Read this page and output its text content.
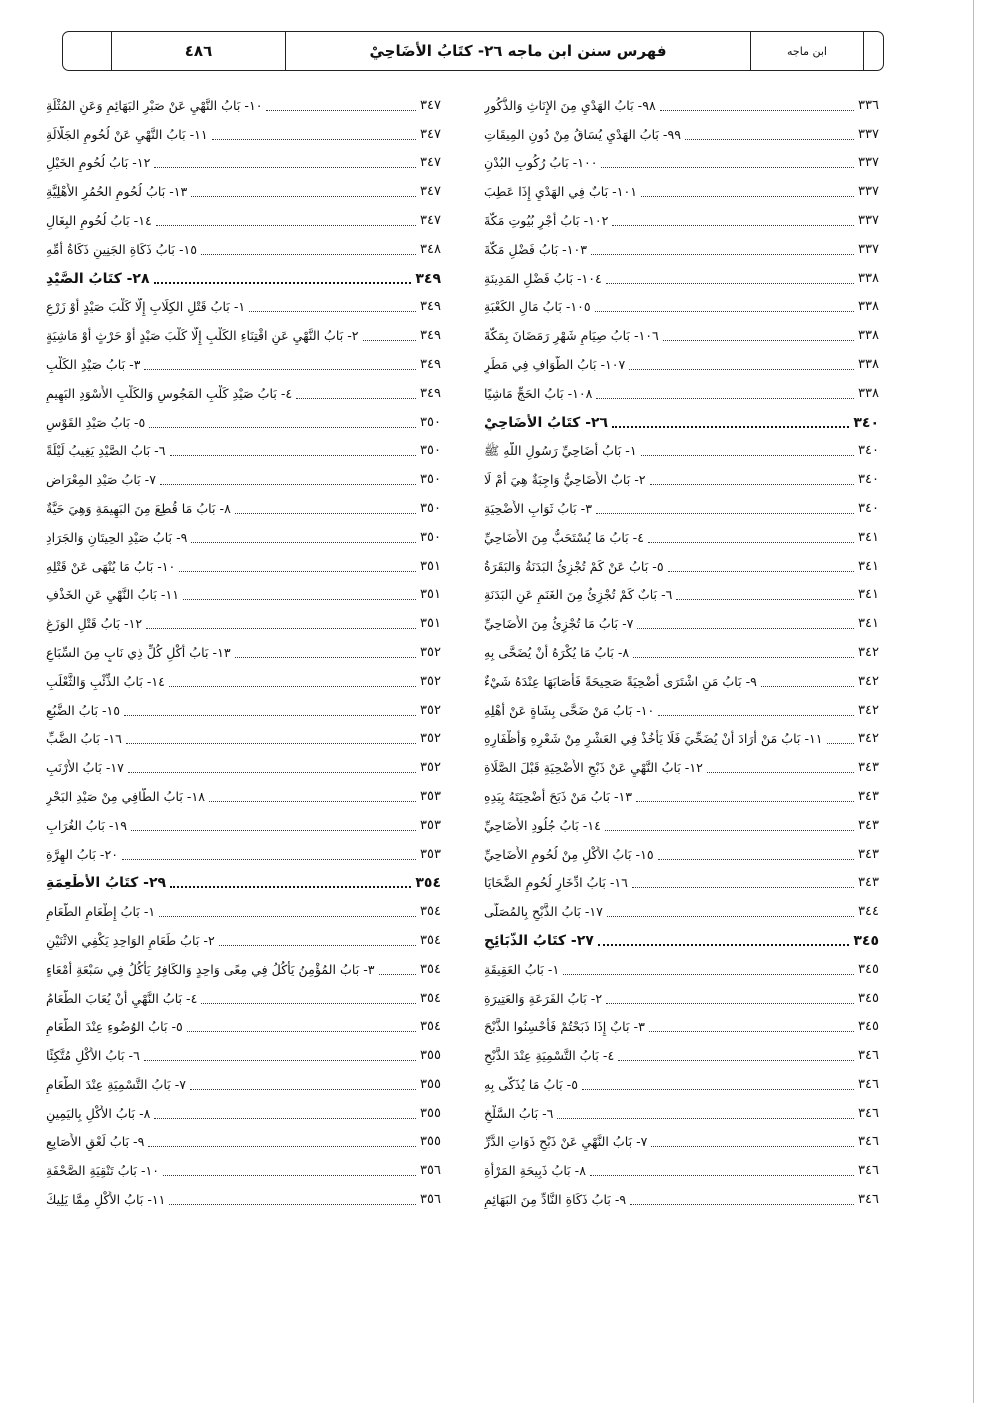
٤٨٦	فهرس سنن ابن ماجه ٢٦- كتَابُ الأضَاحِيْ	ابن ماجه
٩٨- بَابُ الهَدْيِ مِنَ الإِنَاثِ وَالذُّكُورِ	٣٣٦
٩٩- بَابُ الهَدْيِ يُسَاقُ مِنْ دُونِ المِيقَاتِ	٣٣٧
١٠٠- بَابُ رُكُوبِ البُدْنِ	٣٣٧
١٠١- بَابٌ فِي الهَدْيِ إِذَا عَطِبَ	٣٣٧
١٠٢- بَابُ أَجْرِ بُيُوتِ مَكَّةَ	٣٣٧
١٠٣- بَابُ فَضْلِ مَكَّةَ	٣٣٧
١٠٤- بَابُ فَضْلِ المَدِينَةِ	٣٣٨
١٠٥- بَابُ مَالِ الكَعْبَةِ	٣٣٨
١٠٦- بَابُ صِيَامِ شَهْرِ رَمَضَانَ بِمَكَّةَ	٣٣٨
١٠٧- بَابُ الطَّوَافِ فِي مَطَرٍ	٣٣٨
١٠٨- بَابُ الحَجِّ مَاشِيًا	٣٣٨
٢٦- كتَابُ الأضَاحِيْ	٣٤٠
١- بَابُ أَضَاحِيِّ رَسُولِ اللَّهِ ﷺ	٣٤٠
٢- بَابٌ الأَضَاحِيُّ وَاجِبَةٌ هِيَ أَمْ لَا	٣٤٠
٣- بَابُ ثَوَابِ الأُضْحِيَةِ	٣٤٠
٤- بَابُ مَا يُسْتَحَبُّ مِنَ الأَضَاحِيِّ	٣٤١
٥- بَابُ عَنْ كَمْ تُجْزِئُ البَدَنَةُ وَالبَقَرَةُ	٣٤١
٦- بَابٌ كَمْ تُجْزِئُ مِنَ الغَنَمِ عَنِ البَدَنَةِ	٣٤١
٧- بَابُ مَا تُجْزِئُ مِنَ الأَضَاحِيِّ	٣٤١
٨- بَابُ مَا يُكْرَهُ أَنْ يُضَحَّى بِهِ	٣٤٢
٩- بَابُ مَنِ اشْتَرَى أُضْحِيَةً صَحِيحَةً فَأَصَابَهَا عِنْدَهُ شَيْءٌ	٣٤٢
١٠- بَابُ مَنْ ضَحَّى بِشَاةٍ عَنْ أَهْلِهِ	٣٤٢
١١- بَابُ مَنْ أَرَادَ أَنْ يُضَحِّيَ فَلَا يَأْخُذْ فِي العَشْرِ مِنْ شَعْرِهِ وَأَظْفَارِهِ	٣٤٢
١٢- بَابُ النَّهْيِ عَنْ ذَبْحِ الأُضْحِيَةِ قَبْلَ الصَّلَاةِ	٣٤٣
١٣- بَابُ مَنْ ذَبَحَ أُضْحِيَتَهُ بِيَدِهِ	٣٤٣
١٤- بَابُ جُلُودِ الأَضَاحِيِّ	٣٤٣
١٥- بَابُ الأَكْلِ مِنْ لُحُومِ الأَضَاحِيِّ	٣٤٣
١٦- بَابُ ادِّخَارِ لُحُومِ الضَّحَايَا	٣٤٣
١٧- بَابُ الذَّبْحِ بِالمُصَلَّى	٣٤٤
٢٧- كتَابُ الذَّبَائِحِ	٣٤٥
١- بَابُ العَقِيقَةِ	٣٤٥
٢- بَابُ الفَرَعَةِ وَالعَتِيرَةِ	٣٤٥
٣- بَابٌ إِذَا ذَبَحْتُمْ فَأَحْسِنُوا الذَّبْحَ	٣٤٥
٤- بَابُ التَّسْمِيَةِ عِنْدَ الذَّبْحِ	٣٤٦
٥- بَابُ مَا يُذَكَّى بِهِ	٣٤٦
٦- بَابُ السَّلْخِ	٣٤٦
٧- بَابُ النَّهْيِ عَنْ ذَبْحِ ذَوَاتِ الدَّرِّ	٣٤٦
٨- بَابُ ذَبِيحَةِ المَرْأَةِ	٣٤٦
٩- بَابُ ذَكَاةِ النَّادِّ مِنَ البَهَائِمِ	٣٤٦
١٠- بَابُ النَّهْيِ عَنْ صَبْرِ البَهَائِمِ وَعَنِ المُثْلَةِ	٣٤٧
١١- بَابُ النَّهْيِ عَنْ لُحُومِ الجَلَّالَةِ	٣٤٧
١٢- بَابُ لُحُومِ الخَيْلِ	٣٤٧
١٣- بَابُ لُحُومِ الحُمُرِ الأَهْلِيَّةِ	٣٤٧
١٤- بَابُ لُحُومِ البِغَالِ	٣٤٧
١٥- بَابُ ذَكَاةِ الجَنِينِ ذَكَاةُ أُمِّهِ	٣٤٨
٢٨- كتَابُ الصَّيْدِ	٣٤٩
١- بَابُ قَتْلِ الكِلَابِ إِلَّا كَلْبَ صَيْدٍ أَوْ زَرْعٍ	٣٤٩
٢- بَابُ النَّهْيِ عَنِ اقْتِنَاءِ الكَلْبِ إِلَّا كَلْبَ صَيْدٍ أَوْ حَرْثٍ أَوْ مَاشِيَةٍ	٣٤٩
٣- بَابُ صَيْدِ الكَلْبِ	٣٤٩
٤- بَابُ صَيْدِ كَلْبِ المَجُوسِ وَالكَلْبِ الأَسْوَدِ البَهِيمِ	٣٤٩
٥- بَابُ صَيْدِ القَوْسِ	٣٥٠
٦- بَابُ الصَّيْدِ يَغِيبُ لَيْلَةً	٣٥٠
٧- بَابُ صَيْدِ المِعْرَاضِ	٣٥٠
٨- بَابُ مَا قُطِعَ مِنَ البَهِيمَةِ وَهِيَ حَيَّةٌ	٣٥٠
٩- بَابُ صَيْدِ الحِيتَانِ وَالجَرَادِ	٣٥٠
١٠- بَابُ مَا يُنْهَى عَنْ قَتْلِهِ	٣٥١
١١- بَابُ النَّهْيِ عَنِ الخَذْفِ	٣٥١
١٢- بَابُ قَتْلِ الوَزَغِ	٣٥١
١٣- بَابُ أَكْلِ كُلِّ ذِي نَابٍ مِنَ السِّبَاعِ	٣٥٢
١٤- بَابُ الذِّئْبِ وَالثَّعْلَبِ	٣٥٢
١٥- بَابُ الضَّبُعِ	٣٥٢
١٦- بَابُ الضَّبِّ	٣٥٢
١٧- بَابُ الأَرْنَبِ	٣٥٢
١٨- بَابُ الطَّافِي مِنْ صَيْدِ البَحْرِ	٣٥٣
١٩- بَابُ الغُرَابِ	٣٥٣
٢٠- بَابُ الهِرَّةِ	٣٥٣
٢٩- كتَابُ الأَطْعِمَةِ	٣٥٤
١- بَابُ إِطْعَامِ الطَّعَامِ	٣٥٤
٢- بَابُ طَعَامِ الوَاحِدِ يَكْفِي الاثْنَيْنِ	٣٥٤
٣- بَابُ المُؤْمِنُ يَأْكُلُ فِي مِعًى وَاحِدٍ وَالكَافِرُ يَأْكُلُ فِي سَبْعَةِ أَمْعَاءٍ	٣٥٤
٤- بَابُ النَّهْيِ أَنْ يُعَابَ الطَّعَامُ	٣٥٤
٥- بَابُ الوُضُوءِ عِنْدَ الطَّعَامِ	٣٥٤
٦- بَابُ الأَكْلِ مُتَّكِئًا	٣٥٥
٧- بَابُ التَّسْمِيَةِ عِنْدَ الطَّعَامِ	٣٥٥
٨- بَابُ الأَكْلِ بِاليَمِينِ	٣٥٥
٩- بَابُ لَعْقِ الأَصَابِعِ	٣٥٥
١٠- بَابُ تَنْقِيَةِ الصَّحْفَةِ	٣٥٦
١١- بَابُ الأَكْلِ مِمَّا يَلِيكَ	٣٥٦
